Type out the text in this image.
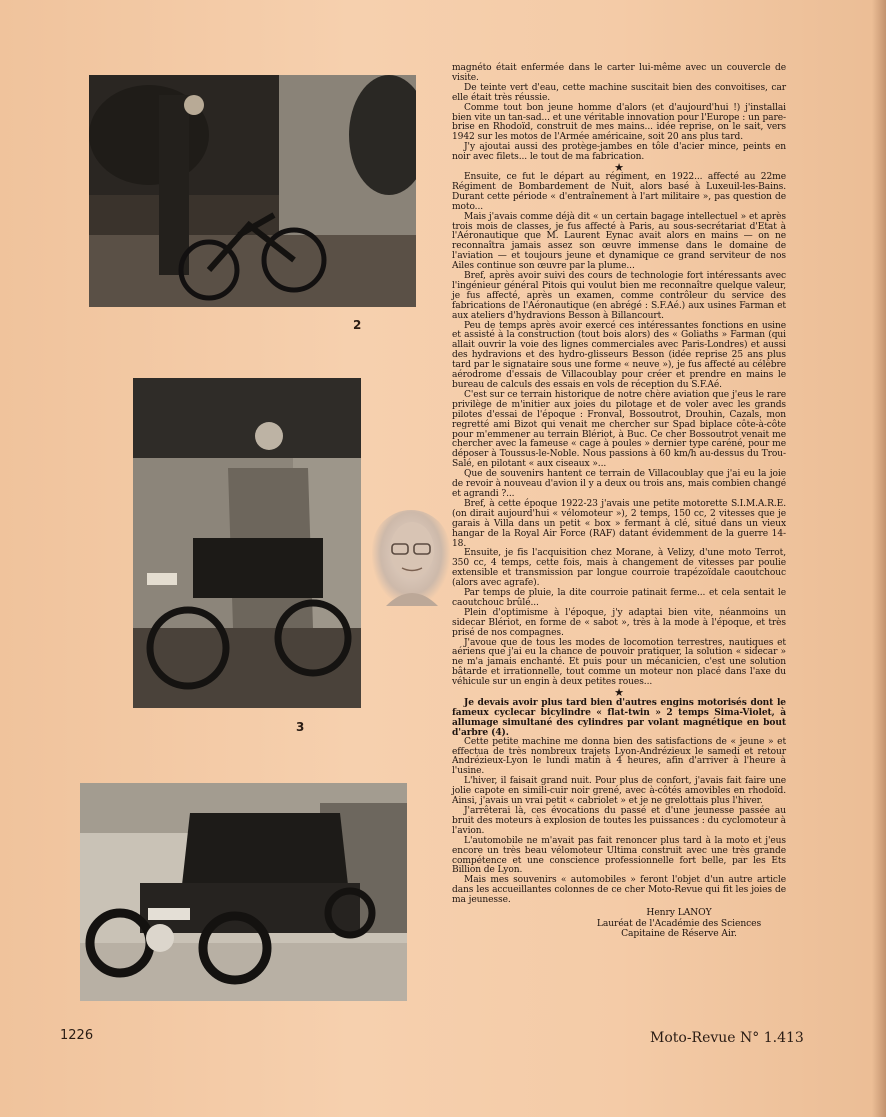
2
3

magnéto était enfermée dans le carter lui-même avec un couvercle de visite.

De teinte vert d'eau, cette machine suscitait bien des convoitises, car elle était très réussie.

Comme tout bon jeune homme d'alors (et d'aujourd'hui !) j'installai bien vite un tan-sad... et une véritable innovation pour l'Europe : un pare-brise en Rhodoïd, construit de mes mains... idée reprise, on le sait, vers 1942 sur les motos de l'Armée américaine, soit 20 ans plus tard.

J'y ajoutai aussi des protège-jambes en tôle d'acier mince, peints en noir avec filets... le tout de ma fabrication.

★

Ensuite, ce fut le départ au régiment, en 1922... affecté au 22me Régiment de Bombardement de Nuit, alors basé à Luxeuil-les-Bains. Durant cette période « d'entraînement à l'art militaire », pas question de moto...

Mais j'avais comme déjà dit « un certain bagage intellectuel » et après trois mois de classes, je fus affecté à Paris, au sous-secrétariat d'Etat à l'Aéronautique que M. Laurent Eynac avait alors en mains — on ne reconnaîtra jamais assez son œuvre immense dans le domaine de l'aviation — et toujours jeune et dynamique ce grand serviteur de nos Ailes continue son œuvre par la plume...

Bref, après avoir suivi des cours de technologie fort intéressants avec l'ingénieur général Pitois qui voulut bien me reconnaître quelque valeur, je fus affecté, après un examen, comme contrôleur du service des fabrications de l'Aéronautique (en abrégé : S.F.Aé.) aux usines Farman et aux ateliers d'hydravions Besson à Billancourt.

Peu de temps après avoir exercé ces intéressantes fonctions en usine et assisté à la construction (tout bois alors) des « Goliaths » Farman (qui allait ouvrir la voie des lignes commerciales avec Paris-Londres) et aussi des hydravions et des hydro-glisseurs Besson (idée reprise 25 ans plus tard par le signataire sous une forme « neuve »), je fus affecté au célèbre aérodrome d'essais de Villacoublay pour créer et prendre en mains le bureau de calculs des essais en vols de réception du S.F.Aé.

C'est sur ce terrain historique de notre chère aviation que j'eus le rare privilège de m'initier aux joies du pilotage et de voler avec les grands pilotes d'essai de l'époque : Fronval, Bossoutrot, Drouhin, Cazals, mon regretté ami Bizot qui venait me chercher sur Spad biplace côte-à-côte pour m'emmener au terrain Blériot, à Buc. Ce cher Bossoutrot venait me chercher avec la fameuse « cage à poules » dernier type caréné, pour me déposer à Toussus-le-Noble. Nous passions à 60 km/h au-dessus du Trou-Salé, en pilotant « aux ciseaux »...

Que de souvenirs hantent ce terrain de Villacoublay que j'ai eu la joie de revoir à nouveau d'avion il y a deux ou trois ans, mais combien changé et agrandi ?...

Bref, à cette époque 1922-23 j'avais une petite motorette S.I.M.A.R.E. (on dirait aujourd'hui « vélomoteur »), 2 temps, 150 cc, 2 vitesses que je garais à Villa dans un petit « box » fermant à clé, situé dans un vieux hangar de la Royal Air Force (RAF) datant évidemment de la guerre 14-18.

Ensuite, je fis l'acquisition chez Morane, à Velizy, d'une moto Terrot, 350 cc, 4 temps, cette fois, mais à changement de vitesses par poulie extensible et transmission par longue courroie trapézoïdale caoutchouc (alors avec agrafe).

Par temps de pluie, la dite courroie patinait ferme... et cela sentait le caoutchouc brûlé...

Plein d'optimisme à l'époque, j'y adaptai bien vite, néanmoins un sidecar Blériot, en forme de « sabot », très à la mode à l'époque, et très prisé de nos compagnes.

J'avoue que de tous les modes de locomotion terrestres, nautiques et aériens que j'ai eu la chance de pouvoir pratiquer, la solution « sidecar » ne m'a jamais enchanté. Et puis pour un mécanicien, c'est une solution bâtarde et irrationnelle, tout comme un moteur non placé dans l'axe du véhicule sur un engin à deux petites roues...

★

Je devais avoir plus tard bien d'autres engins motorisés dont le fameux cyclecar bicylindre « flat-twin » 2 temps Sima-Violet, à allumage simultané des cylindres par volant magnétique en bout d'arbre (4).

Cette petite machine me donna bien des satisfactions de « jeune » et effectua de très nombreux trajets Lyon-Andrézieux le samedi et retour Andrézieux-Lyon le lundi matin à 4 heures, afin d'arriver à l'heure à l'usine.

L'hiver, il faisait grand nuit. Pour plus de confort, j'avais fait faire une jolie capote en simili-cuir noir grené, avec à-côtés amovibles en rhodoïd. Ainsi, j'avais un vrai petit « cabriolet » et je ne grelottais plus l'hiver.

J'arrêterai là, ces évocations du passé et d'une jeunesse passée au bruit des moteurs à explosion de toutes les puissances : du cyclomoteur à l'avion.

L'automobile ne m'avait pas fait renoncer plus tard à la moto et j'eus encore un très beau vélomoteur Ultima construit avec une très grande compétence et une conscience professionnelle fort belle, par les Ets Billion de Lyon.

Mais mes souvenirs « automobiles » feront l'objet d'un autre article dans les accueillantes colonnes de ce cher Moto-Revue qui fit les joies de ma jeunesse.

Henry LANOY
Lauréat de l'Académie des Sciences
Capitaine de Réserve Air.
1226	Moto-Revue N° 1.413
